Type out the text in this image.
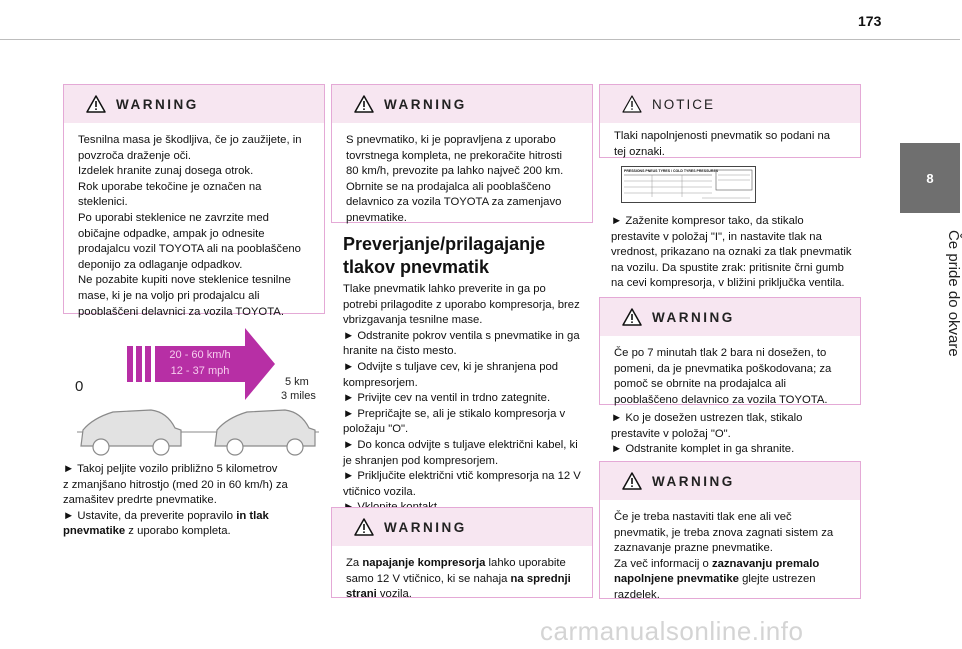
173
8
Če pride do okvare
WARNING

Tesnilna masa je škodljiva, če jo zaužijete, in

povzroča draženje oči.

Izdelek hranite zunaj dosega otrok.

Rok uporabe tekočine je označen na

steklenici.

Po uporabi steklenice ne zavrzite med

običajne odpadke, ampak jo odnesite

prodajalcu vozil TOYOTA ali na pooblaščeno

deponijo za odlaganje odpadkov.

Ne pozabite kupiti nove steklenice tesnilne

mase, ki je na voljo pri prodajalcu ali

pooblaščeni delavnici za vozila TOYOTA.

20 - 60 km/h
12 - 37 mph
0	5 km
3 miles

► Takoj peljite vozilo približno 5 kilometrov

z zmanjšano hitrostjo (med 20 in 60 km/h) za

zamašitev predrte pnevmatike.

► Ustavite, da preverite popravilo in tlak

pnevmatike z uporabo kompleta.

WARNING

S pnevmatiko, ki je popravljena z uporabo

tovrstnega kompleta, ne prekoračite hitrosti

80 km/h, prevozite pa lahko največ 200 km.

Obrnite se na prodajalca ali pooblaščeno

delavnico za vozila TOYOTA za zamenjavo

pnevmatike.

Preverjanje/prilagajanje
tlakov pnevmatik

Tlake pnevmatik lahko preverite in ga po

potrebi prilagodite z uporabo kompresorja, brez

vbrizgavanja tesnilne mase.

► Odstranite pokrov ventila s pnevmatike in ga

hranite na čisto mesto.

► Odvijte s tuljave cev, ki je shranjena pod

kompresorjem.

► Privijte cev na ventil in trdno zategnite.

► Prepričajte se, ali je stikalo kompresorja v

položaju "O".

► Do konca odvijte s tuljave električni kabel, ki

je shranjen pod kompresorjem.

► Priključite električni vtič kompresorja na 12 V

vtičnico vozila.

WARNING

Za napajanje kompresorja lahko uporabite

samo 12 V vtičnico, ki se nahaja na sprednji

strani vozila.

NOTICE

Tlaki napolnjenosti pnevmatik so podani na

tej oznaki.

PRESSIONS PNEUS TYRES / COLD TYRES PRESSURES

► Zaženite kompresor tako, da stikalo

prestavite v položaj "I", in nastavite tlak na

vrednost, prikazano na oznaki za tlak pnevmatik

na vozilu. Da spustite zrak: pritisnite črni gumb

na cevi kompresorja, v bližini priključka ventila.

WARNING

Če po 7 minutah tlak 2 bara ni dosežen, to

pomeni, da je pnevmatika poškodovana; za

pomoč se obrnite na prodajalca ali

pooblaščeno delavnico za vozila TOYOTA.

► Ko je dosežen ustrezen tlak, stikalo

prestavite v položaj "O".

► Odstranite komplet in ga shranite.

WARNING

Če je treba nastaviti tlak ene ali več

pnevmatik, je treba znova zagnati sistem za

zaznavanje prazne pnevmatike.

Za več informacij o zaznavanju premalo

napolnjene pnevmatike glejte ustrezen

razdelek.

carmanualsonline.info
